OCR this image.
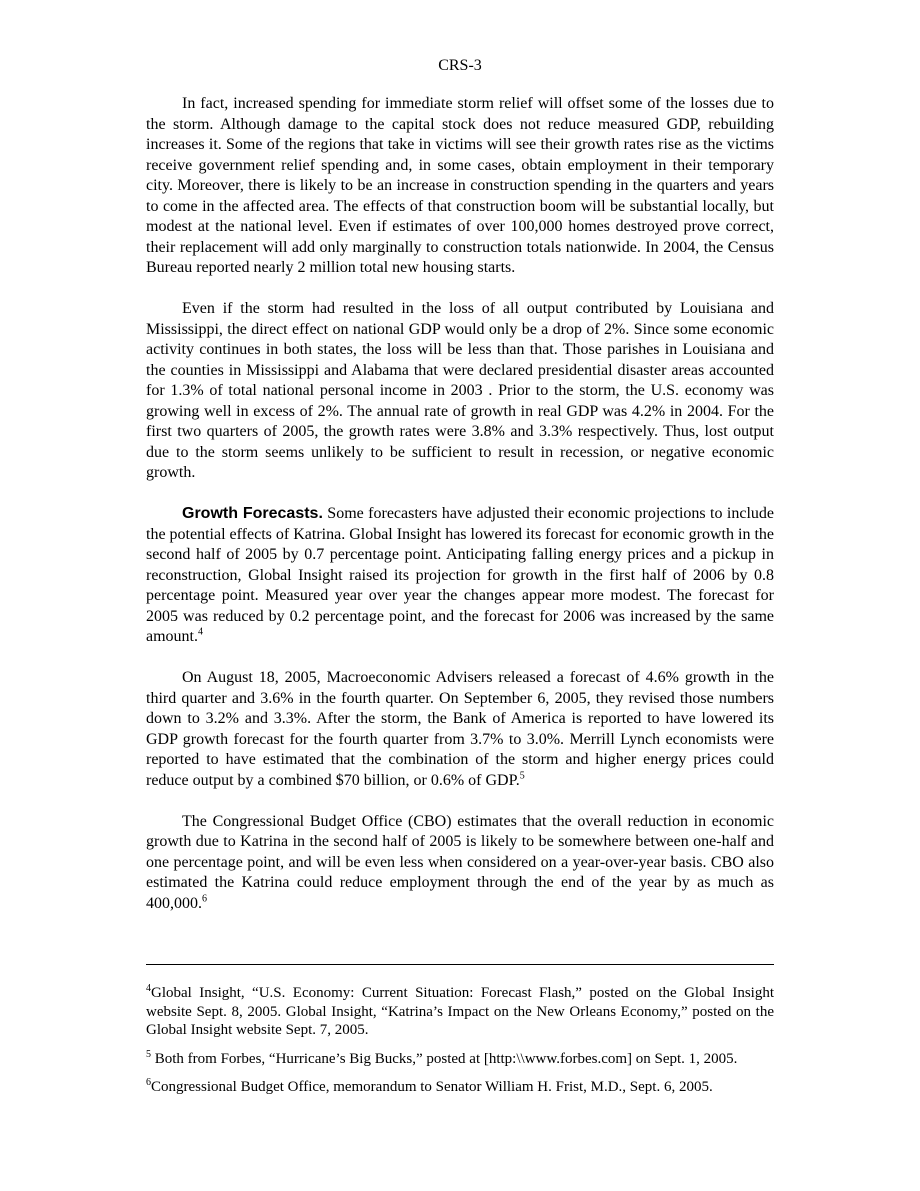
CRS-3

In fact, increased spending for immediate storm relief will offset some of the losses due to the storm. Although damage to the capital stock does not reduce measured GDP, rebuilding increases it. Some of the regions that take in victims will see their growth rates rise as the victims receive government relief spending and, in some cases, obtain employment in their temporary city. Moreover, there is likely to be an increase in construction spending in the quarters and years to come in the affected area. The effects of that construction boom will be substantial locally, but modest at the national level. Even if estimates of over 100,000 homes destroyed prove correct, their replacement will add only marginally to construction totals nationwide. In 2004, the Census Bureau reported nearly 2 million total new housing starts.

Even if the storm had resulted in the loss of all output contributed by Louisiana and Mississippi, the direct effect on national GDP would only be a drop of 2%. Since some economic activity continues in both states, the loss will be less than that. Those parishes in Louisiana and the counties in Mississippi and Alabama that were declared presidential disaster areas accounted for 1.3% of total national personal income in 2003 . Prior to the storm, the U.S. economy was growing well in excess of 2%. The annual rate of growth in real GDP was 4.2% in 2004. For the first two quarters of 2005, the growth rates were 3.8% and 3.3% respectively. Thus, lost output due to the storm seems unlikely to be sufficient to result in recession, or negative economic growth.

Growth Forecasts. Some forecasters have adjusted their economic projections to include the potential effects of Katrina. Global Insight has lowered its forecast for economic growth in the second half of 2005 by 0.7 percentage point. Anticipating falling energy prices and a pickup in reconstruction, Global Insight raised its projection for growth in the first half of 2006 by 0.8 percentage point. Measured year over year the changes appear more modest. The forecast for 2005 was reduced by 0.2 percentage point, and the forecast for 2006 was increased by the same amount.$^4$

On August 18, 2005, Macroeconomic Advisers released a forecast of 4.6% growth in the third quarter and 3.6% in the fourth quarter. On September 6, 2005, they revised those numbers down to 3.2% and 3.3%. After the storm, the Bank of America is reported to have lowered its GDP growth forecast for the fourth quarter from 3.7% to 3.0%. Merrill Lynch economists were reported to have estimated that the combination of the storm and higher energy prices could reduce output by a combined $70 billion, or 0.6% of GDP.$^5$

The Congressional Budget Office (CBO) estimates that the overall reduction in economic growth due to Katrina in the second half of 2005 is likely to be somewhere between one-half and one percentage point, and will be even less when considered on a year-over-year basis. CBO also estimated the Katrina could reduce employment through the end of the year by as much as 400,000.$^6$

$^4$Global Insight, “U.S. Economy: Current Situation: Forecast Flash,” posted on the Global Insight website Sept. 8, 2005. Global Insight, “Katrina’s Impact on the New Orleans Economy,” posted on the Global Insight website Sept. 7, 2005.

$^5$ Both from Forbes, “Hurricane’s Big Bucks,” posted at [http:\\www.forbes.com] on Sept. 1, 2005.

$^6$Congressional Budget Office, memorandum to Senator William H. Frist, M.D., Sept. 6, 2005.
